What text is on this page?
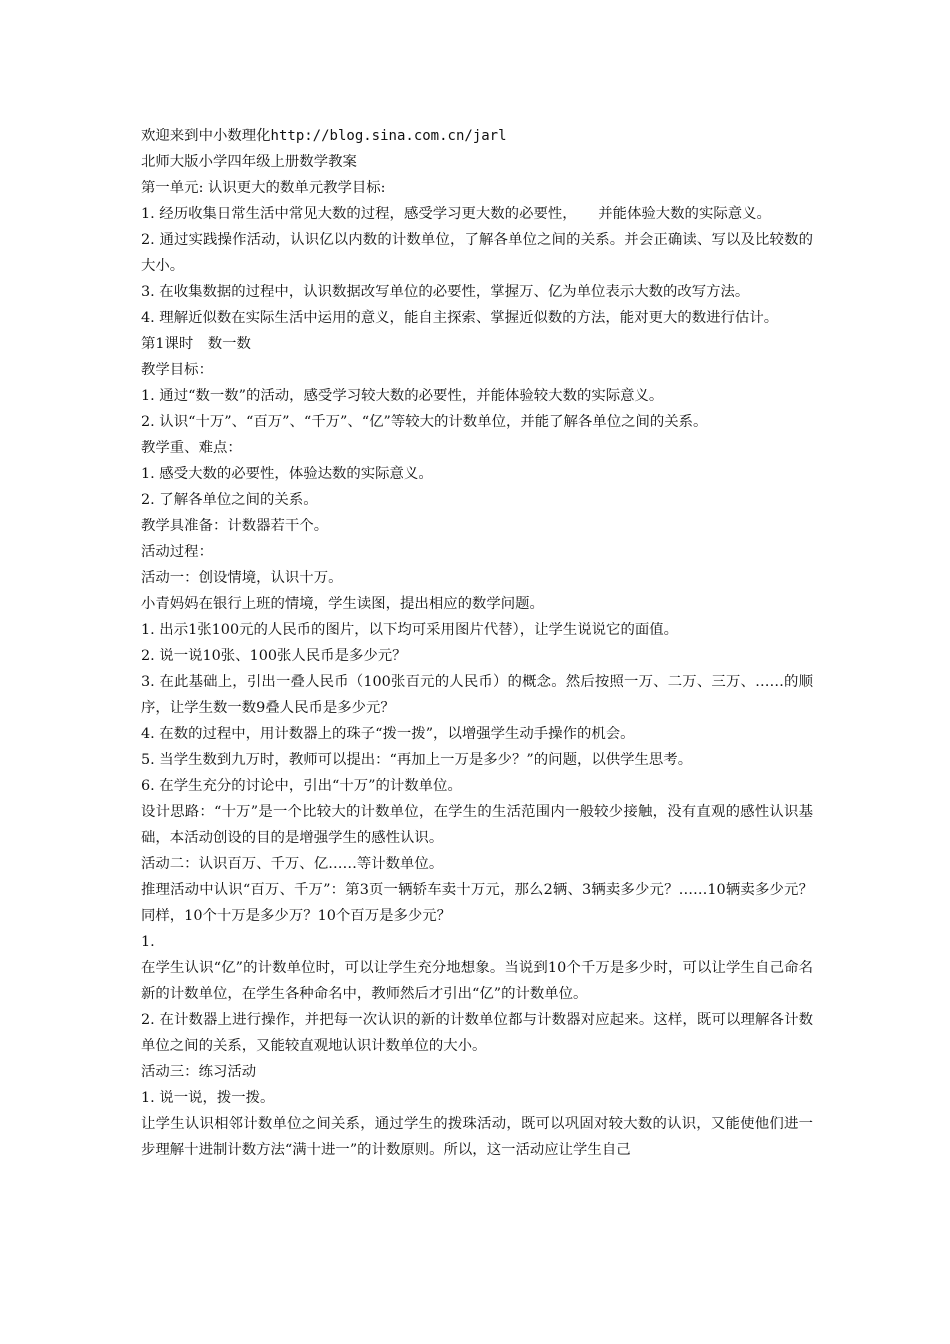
欢迎来到中小数理化http://blog.sina.com.cn/jarl

北师大版小学四年级上册数学教案

第一单元: 认识更大的数单元教学目标:

1. 经历收集日常生活中常见大数的过程，感受学习更大数的必要性，　　并能体验大数的实际意义。

2. 通过实践操作活动，认识亿以内数的计数单位，了解各单位之间的关系。并会正确读、写以及比较数的大小。

3. 在收集数据的过程中，认识数据改写单位的必要性，掌握万、亿为单位表示大数的改写方法。

4. 理解近似数在实际生活中运用的意义，能自主探索、掌握近似数的方法，能对更大的数进行估计。

第1课时　数一数

教学目标：

1. 通过“数一数”的活动，感受学习较大数的必要性，并能体验较大数的实际意义。

2. 认识“十万”、“百万”、“千万”、“亿”等较大的计数单位，并能了解各单位之间的关系。

教学重、难点：

1. 感受大数的必要性，体验达数的实际意义。

2. 了解各单位之间的关系。

教学具准备：计数器若干个。

活动过程：

活动一：创设情境，认识十万。

小青妈妈在银行上班的情境，学生读图，提出相应的数学问题。

1. 出示1张100元的人民币的图片，以下均可采用图片代替），让学生说说它的面值。

2. 说一说10张、100张人民币是多少元？

3. 在此基础上，引出一叠人民币（100张百元的人民币）的概念。然后按照一万、二万、三万、……的顺序，让学生数一数9叠人民币是多少元？

4. 在数的过程中，用计数器上的珠子“拨一拨”，以增强学生动手操作的机会。

5. 当学生数到九万时，教师可以提出：“再加上一万是多少？”的问题，以供学生思考。

6. 在学生充分的讨论中，引出“十万”的计数单位。

设计思路：“十万”是一个比较大的计数单位，在学生的生活范围内一般较少接触，没有直观的感性认识基础，本活动创设的目的是增强学生的感性认识。

活动二：认识百万、千万、亿……等计数单位。

推理活动中认识“百万、千万”：第3页一辆轿车卖十万元，那么2辆、3辆卖多少元？……10辆卖多少元？同样，10个十万是多少万？10个百万是多少元？

1.

在学生认识“亿”的计数单位时，可以让学生充分地想象。当说到10个千万是多少时，可以让学生自己命名新的计数单位，在学生各种命名中，教师然后才引出“亿”的计数单位。

2. 在计数器上进行操作，并把每一次认识的新的计数单位都与计数器对应起来。这样，既可以理解各计数单位之间的关系，又能较直观地认识计数单位的大小。

活动三：练习活动

1. 说一说，拨一拨。

让学生认识相邻计数单位之间关系，通过学生的拨珠活动，既可以巩固对较大数的认识，又能使他们进一步理解十进制计数方法“满十进一”的计数原则。所以，这一活动应让学生自己
